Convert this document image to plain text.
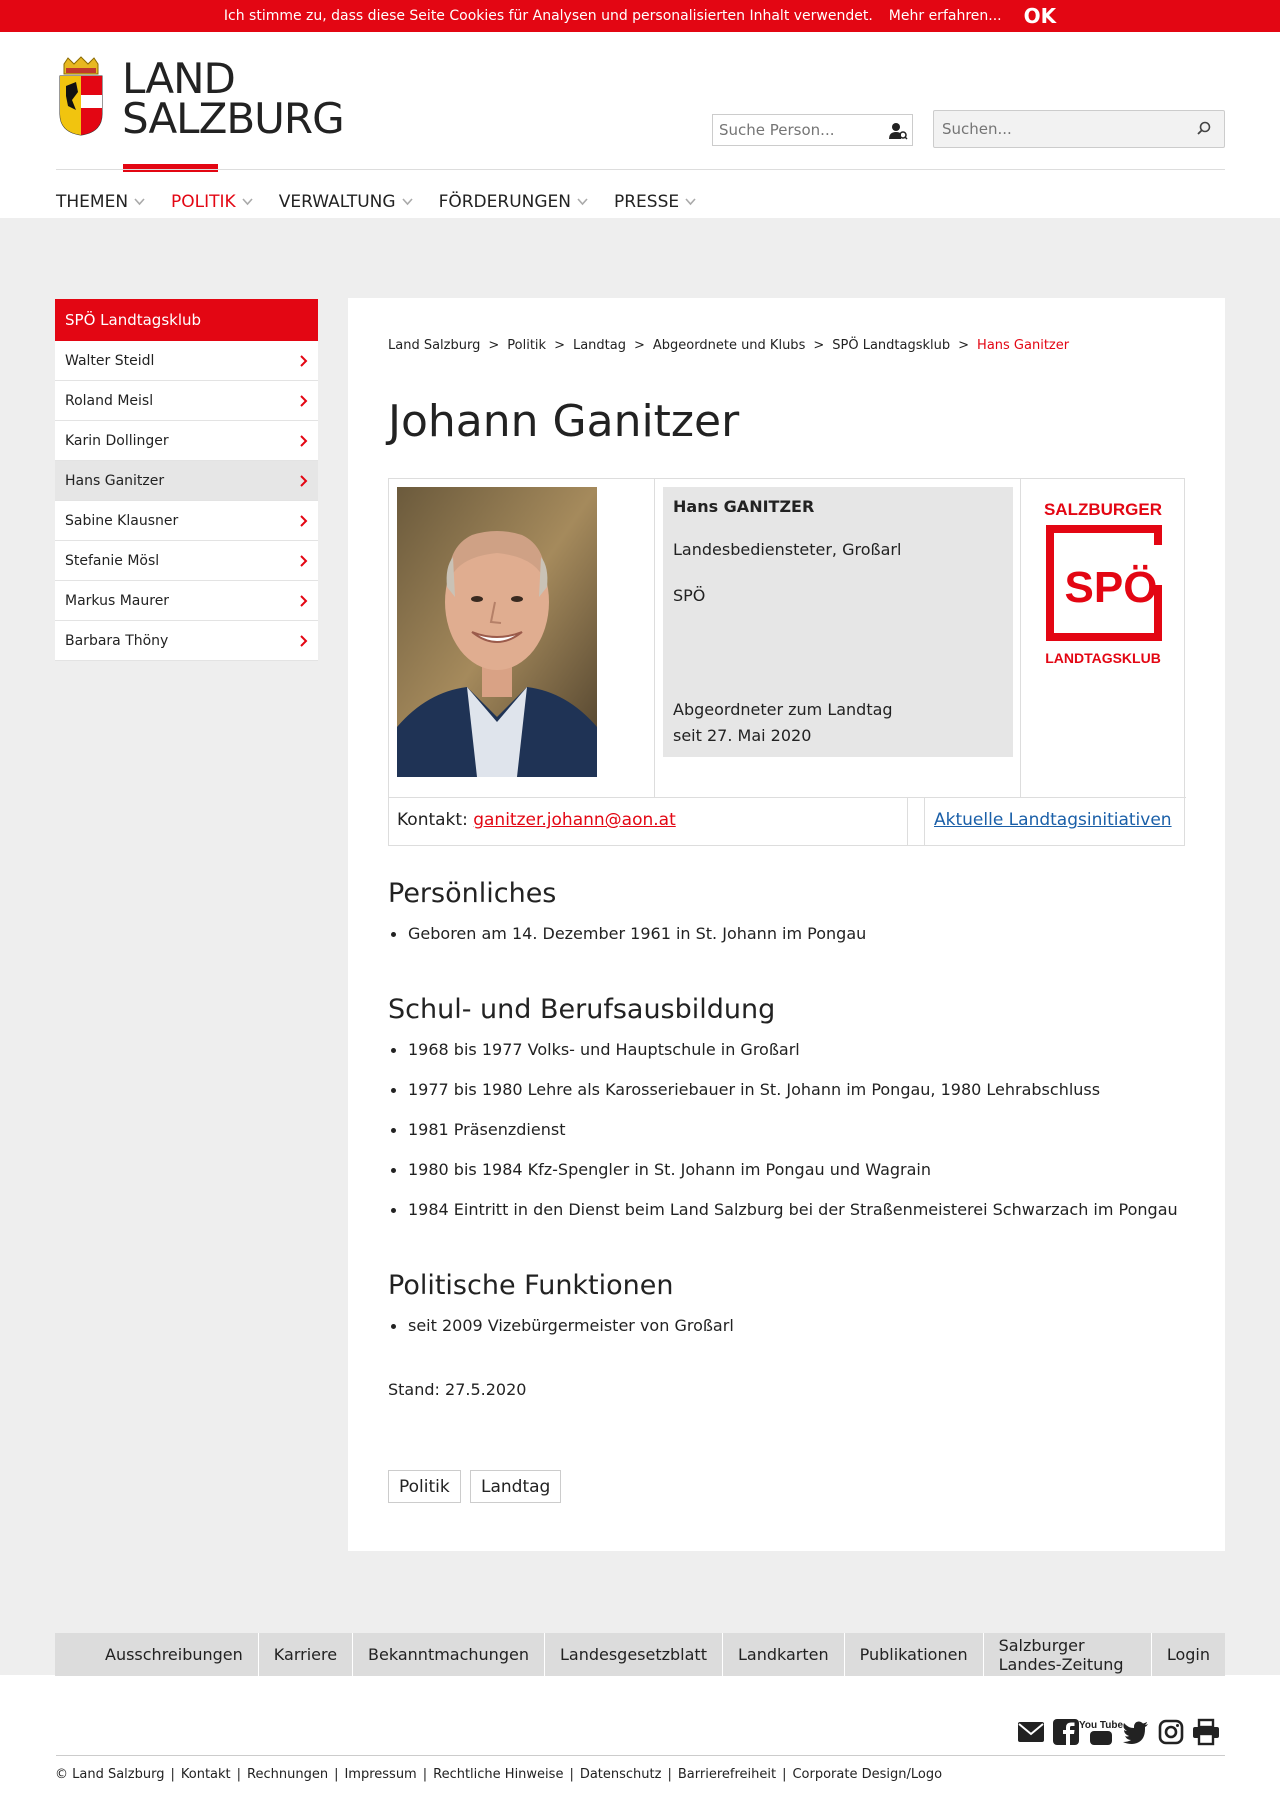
Ich stimme zu, dass diese Seite Cookies für Analysen und personalisierten Inhalt verwendet. Mehr erfahren... OK
LAND
SALZBURG
Suche Person...
Suchen...
THEMEN	POLITIK	VERWALTUNG	FÖRDERUNGEN	PRESSE
SPÖ Landtagsklub
Walter Steidl
Roland Meisl
Karin Dollinger
Hans Ganitzer
Sabine Klausner
Stefanie Mösl
Markus Maurer
Barbara Thöny
Land Salzburg > Politik > Landtag > Abgeordnete und Klubs > SPÖ Landtagsklub > Hans Ganitzer
Johann Ganitzer
Hans GANITZER
Landesbediensteter, Großarl
SPÖ
Abgeordneter zum Landtag
seit 27. Mai 2020
SALZBURGER
SPÖ
LANDTAGSKLUB
Kontakt: ganitzer.johann@aon.at	Aktuelle Landtagsinitiativen
Persönliches
Geboren am 14. Dezember 1961 in St. Johann im Pongau
Schul- und Berufsausbildung
1968 bis 1977 Volks- und Hauptschule in Großarl
1977 bis 1980 Lehre als Karosseriebauer in St. Johann im Pongau, 1980 Lehrabschluss
1981 Präsenzdienst
1980 bis 1984 Kfz-Spengler in St. Johann im Pongau und Wagrain
1984 Eintritt in den Dienst beim Land Salzburg bei der Straßenmeisterei Schwarzach im Pongau
Politische Funktionen
seit 2009 Vizebürgermeister von Großarl
Stand: 27.5.2020
Politik	Landtag
Ausschreibungen	Karriere	Bekanntmachungen	Landesgesetzblatt	Landkarten	Publikationen	Salzburger Landes-Zeitung	Login
You Tube
© Land Salzburg | Kontakt | Rechnungen | Impressum | Rechtliche Hinweise | Datenschutz | Barrierefreiheit | Corporate Design/Logo
